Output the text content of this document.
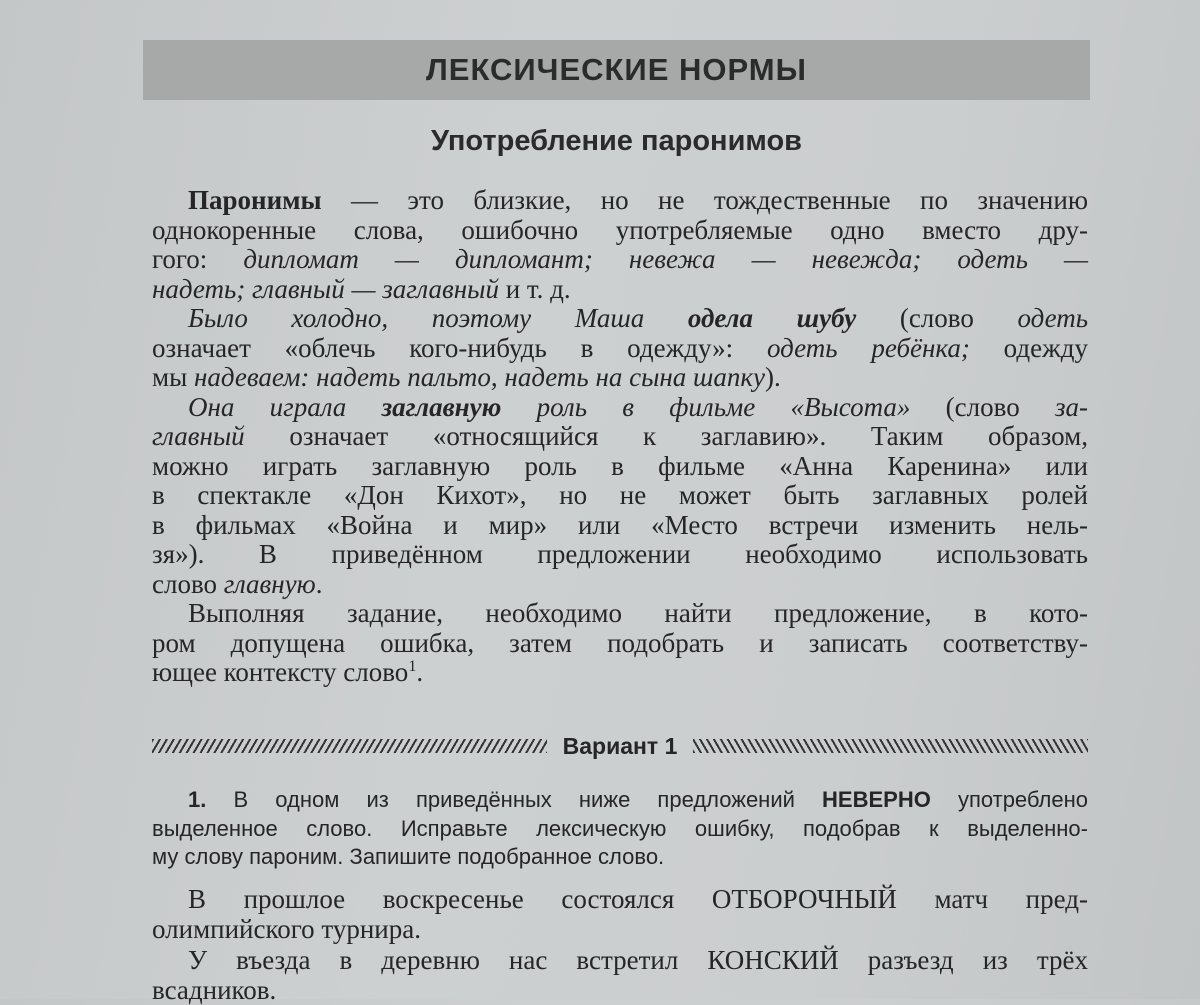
ЛЕКСИЧЕСКИЕ НОРМЫ
Употребление паронимов
Паронимы — это близкие, но не тождественные по значению
однокоренные слова, ошибочно употребляемые одно вместо дру-
гого: дипломат — дипломант; невежа — невежда; одеть —
надеть; главный — заглавный и т. д.
Было холодно, поэтому Маша одела шубу (слово одеть
означает «облечь кого-нибудь в одежду»: одеть ребёнка; одежду
мы надеваем: надеть пальто, надеть на сына шапку).
Она играла заглавную роль в фильме «Высота» (слово за-
главный означает «относящийся к заглавию». Таким образом,
можно играть заглавную роль в фильме «Анна Каренина» или
в спектакле «Дон Кихот», но не может быть заглавных ролей
в фильмах «Война и мир» или «Место встречи изменить нель-
зя»). В приведённом предложении необходимо использовать
слово главную.
Выполняя задание, необходимо найти предложение, в кото-
ром допущена ошибка, затем подобрать и записать соответству-
ющее контексту слово$^1$.
Вариант 1
1. В одном из приведённых ниже предложений НЕВЕРНО употреблено
выделенное слово. Исправьте лексическую ошибку, подобрав к выделенно-
му слову пароним. Запишите подобранное слово.
В прошлое воскресенье состоялся ОТБОРОЧНЫЙ матч пред-
олимпийского турнира.
У въезда в деревню нас встретил КОНСКИЙ разъезд из трёх
всадников.
